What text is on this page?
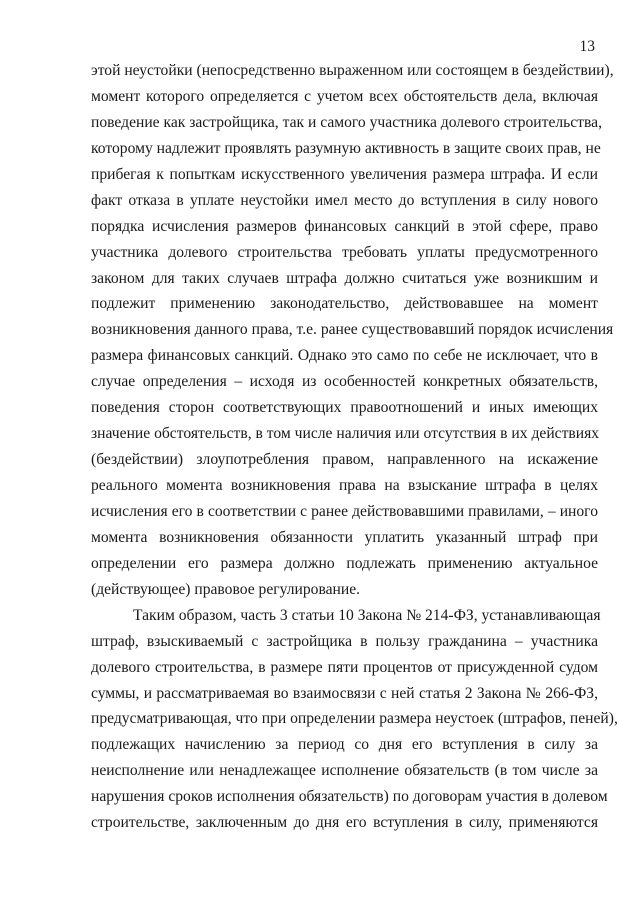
13
этой неустойки (непосредственно выраженном или состоящем в бездействии),
момент которого определяется с учетом всех обстоятельств дела, включая
поведение как застройщика, так и самого участника долевого строительства,
которому надлежит проявлять разумную активность в защите своих прав, не
прибегая к попыткам искусственного увеличения размера штрафа. И если
факт отказа в уплате неустойки имел место до вступления в силу нового
порядка исчисления размеров финансовых санкций в этой сфере, право
участника долевого строительства требовать уплаты предусмотренного
законом для таких случаев штрафа должно считаться уже возникшим и
подлежит применению законодательство, действовавшее на момент
возникновения данного права, т.е. ранее существовавший порядок исчисления
размера финансовых санкций. Однако это само по себе не исключает, что в
случае определения – исходя из особенностей конкретных обязательств,
поведения сторон соответствующих правоотношений и иных имеющих
значение обстоятельств, в том числе наличия или отсутствия в их действиях
(бездействии) злоупотребления правом, направленного на искажение
реального момента возникновения права на взыскание штрафа в целях
исчисления его в соответствии с ранее действовавшими правилами, – иного
момента возникновения обязанности уплатить указанный штраф при
определении его размера должно подлежать применению актуальное
(действующее) правовое регулирование.
Таким образом, часть 3 статьи 10 Закона № 214-ФЗ, устанавливающая
штраф, взыскиваемый с застройщика в пользу гражданина – участника
долевого строительства, в размере пяти процентов от присужденной судом
суммы, и рассматриваемая во взаимосвязи с ней статья 2 Закона № 266-ФЗ,
предусматривающая, что при определении размера неустоек (штрафов, пеней),
подлежащих начислению за период со дня его вступления в силу за
неисполнение или ненадлежащее исполнение обязательств (в том числе за
нарушения сроков исполнения обязательств) по договорам участия в долевом
строительстве, заключенным до дня его вступления в силу, применяются
